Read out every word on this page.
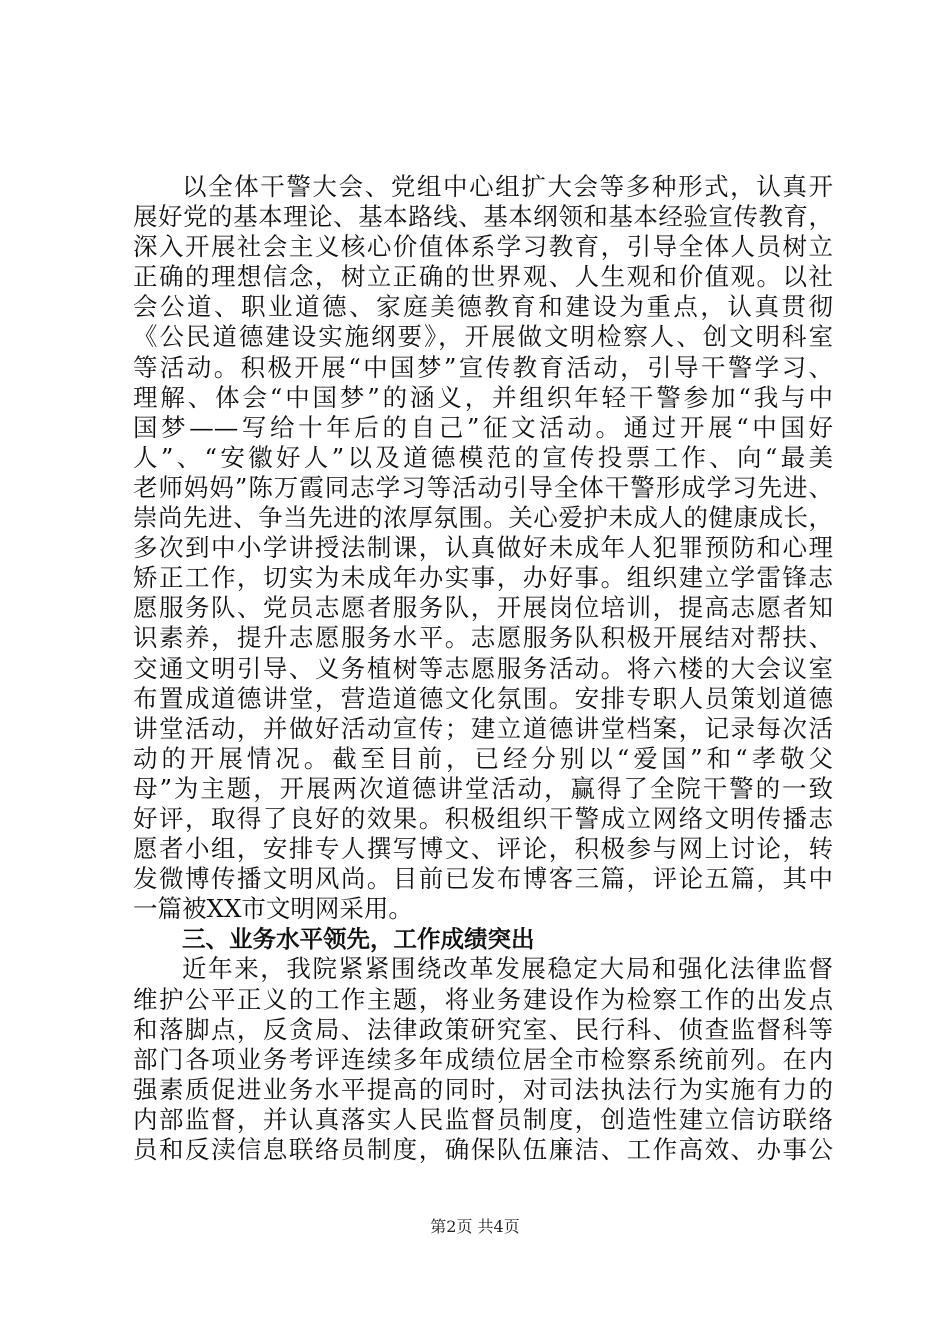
以全体干警大会、党组中心组扩大会等多种形式，认真开
展好党的基本理论、基本路线、基本纲领和基本经验宣传教育，
深入开展社会主义核心价值体系学习教育，引导全体人员树立
正确的理想信念，树立正确的世界观、人生观和价值观。以社
会公道、职业道德、家庭美德教育和建设为重点，认真贯彻
《公民道德建设实施纲要》，开展做文明检察人、创文明科室
等活动。积极开展“中国梦”宣传教育活动，引导干警学习、
理解、体会“中国梦”的涵义，并组织年轻干警参加“我与中
国梦——写给十年后的自己”征文活动。通过开展“中国好
人”、“安徽好人”以及道德模范的宣传投票工作、向“最美
老师妈妈”陈万霞同志学习等活动引导全体干警形成学习先进、
崇尚先进、争当先进的浓厚氛围。关心爱护未成人的健康成长，
多次到中小学讲授法制课，认真做好未成年人犯罪预防和心理
矫正工作，切实为未成年办实事，办好事。组织建立学雷锋志
愿服务队、党员志愿者服务队，开展岗位培训，提高志愿者知
识素养，提升志愿服务水平。志愿服务队积极开展结对帮扶、
交通文明引导、义务植树等志愿服务活动。将六楼的大会议室
布置成道德讲堂，营造道德文化氛围。安排专职人员策划道德
讲堂活动，并做好活动宣传；建立道德讲堂档案，记录每次活
动的开展情况。截至目前，已经分别以“爱国”和“孝敬父
母”为主题，开展两次道德讲堂活动，赢得了全院干警的一致
好评，取得了良好的效果。积极组织干警成立网络文明传播志
愿者小组，安排专人撰写博文、评论，积极参与网上讨论，转
发微博传播文明风尚。目前已发布博客三篇，评论五篇，其中
一篇被XX市文明网采用。
三、业务水平领先，工作成绩突出
近年来，我院紧紧围绕改革发展稳定大局和强化法律监督
维护公平正义的工作主题，将业务建设作为检察工作的出发点
和落脚点，反贪局、法律政策研究室、民行科、侦查监督科等
部门各项业务考评连续多年成绩位居全市检察系统前列。在内
强素质促进业务水平提高的同时，对司法执法行为实施有力的
内部监督，并认真落实人民监督员制度，创造性建立信访联络
员和反渎信息联络员制度，确保队伍廉洁、工作高效、办事公
第2页 共4页
